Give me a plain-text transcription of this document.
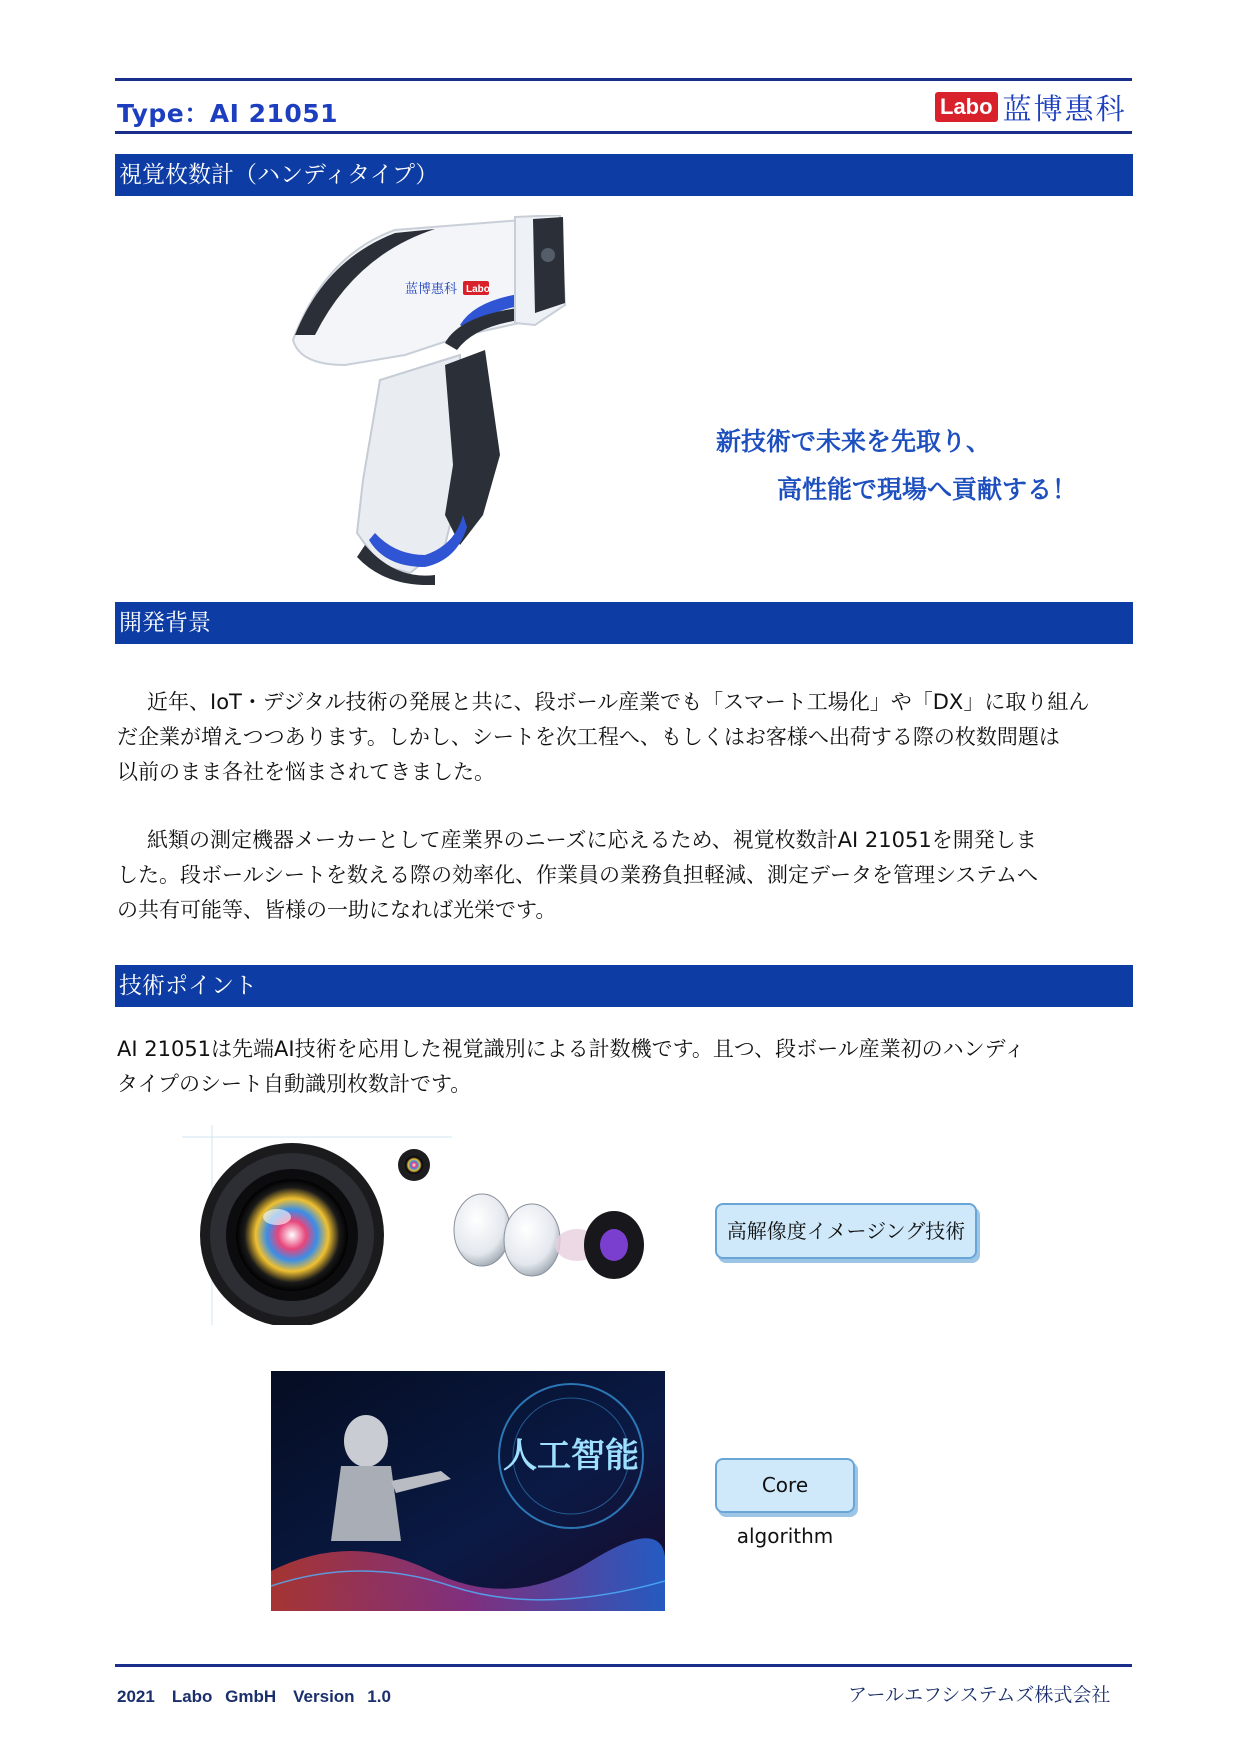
Type：AI 21051	Labo 蓝博惠科
視覚枚数計（ハンディタイプ）
蓝博惠科 Labo
新技術で未来を先取り、
高性能で現場へ貢献する！
開発背景
近年、IoT・デジタル技術の発展と共に、段ボール産業でも「スマート工場化」や「DX」に取り組ん
だ企業が増えつつあります。しかし、シートを次工程へ、もしくはお客様へ出荷する際の枚数問題は
以前のまま各社を悩まされてきました。
紙類の測定機器メーカーとして産業界のニーズに応えるため、視覚枚数計AI 21051を開発しま
した。段ボールシートを数える際の効率化、作業員の業務負担軽減、測定データを管理システムへ
の共有可能等、皆様の一助になれば光栄です。
技術ポイント
AI 21051は先端AI技術を応用した視覚識別による計数機です。且つ、段ボール産業初のハンディ
タイプのシート自動識別枚数計です。
高解像度イメージング技術
人工智能
Core algorithm
2021　Labo GmbH　Version 1.0	アールエフシステムズ株式会社
